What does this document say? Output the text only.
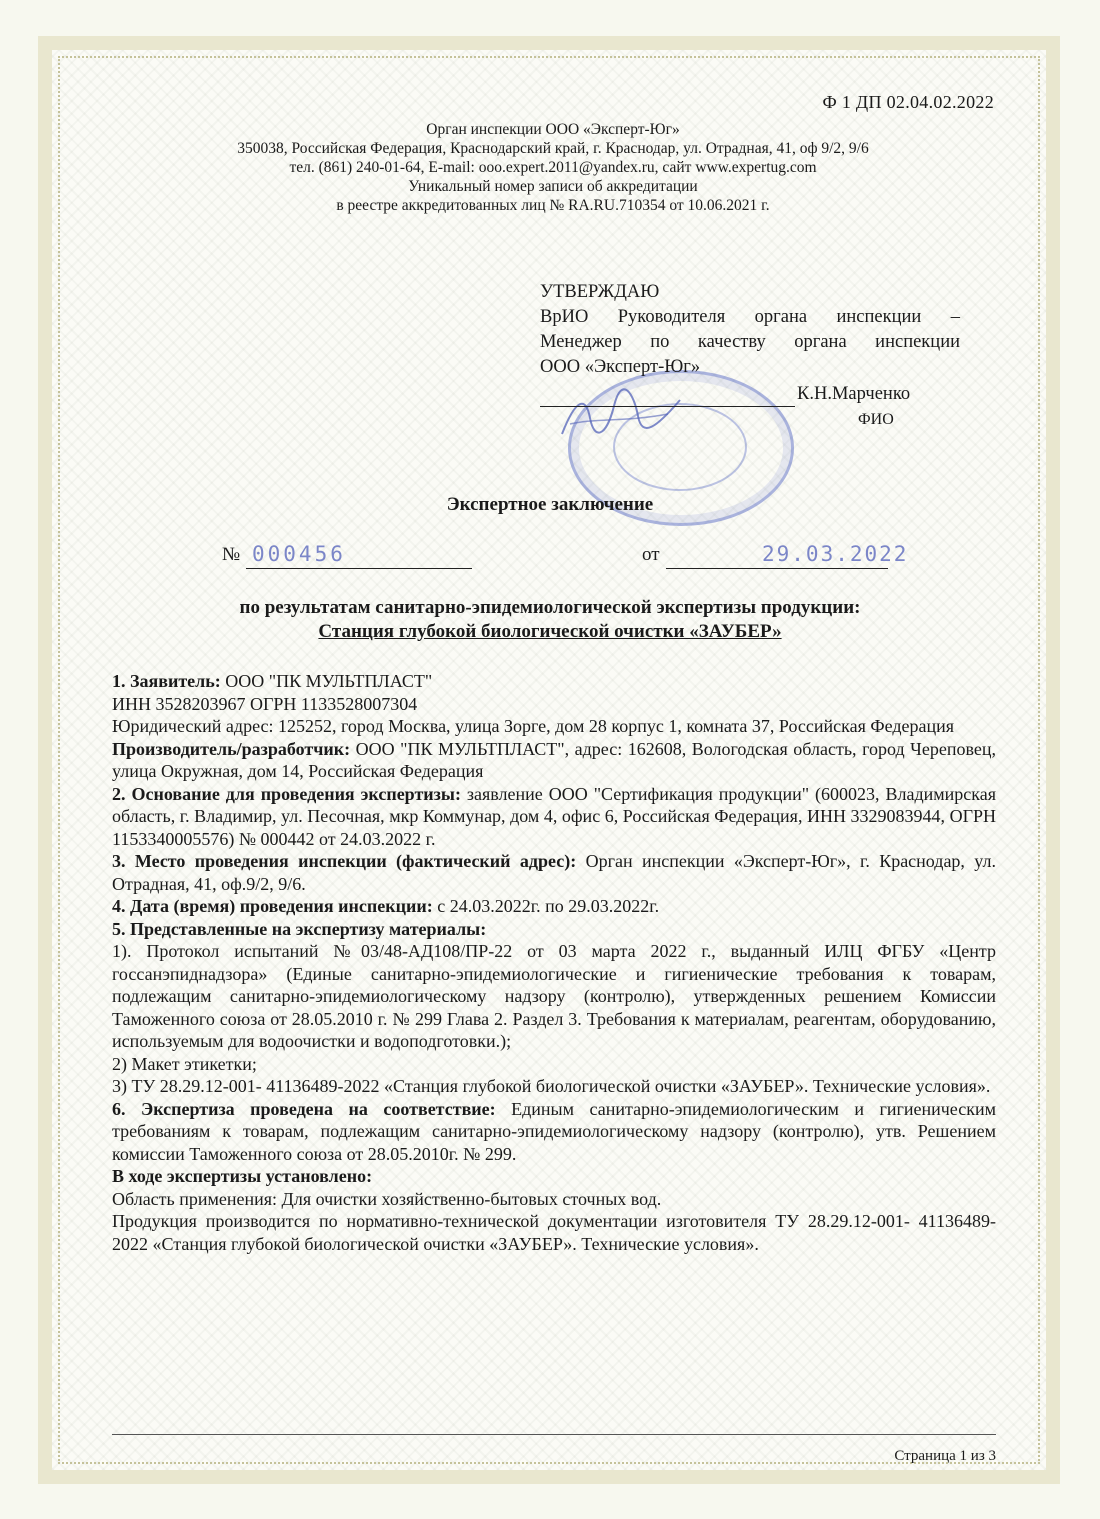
Ф 1 ДП 02.04.02.2022
Орган инспекции ООО «Эксперт-Юг»
350038, Российская Федерация, Краснодарский край, г. Краснодар, ул. Отрадная, 41, оф 9/2, 9/6
тел. (861) 240-01-64, E-mail: ooo.expert.2011@yandex.ru, сайт www.expertug.com
Уникальный номер записи об аккредитации
в реестре аккредитованных лиц № RA.RU.710354 от 10.06.2021 г.
УТВЕРЖДАЮ
ВрИО Руководителя органа инспекции –
Менеджер по качеству органа инспекции
ООО «Эксперт-Юг»
К.Н.Марченко
ФИО
Экспертное заключение
№ 000456	от	29.03.2022
по результатам санитарно-эпидемиологической экспертизы продукции:
Станция глубокой биологической очистки «ЗАУБЕР»

1. Заявитель: ООО "ПК МУЛЬТПЛАСТ"

ИНН 3528203967 ОГРН 1133528007304

Юридический адрес: 125252, город Москва, улица Зорге, дом 28 корпус 1, комната 37, Российская Федерация

Производитель/разработчик: ООО "ПК МУЛЬТПЛАСТ", адрес: 162608, Вологодская область, город Череповец, улица Окружная, дом 14, Российская Федерация

2. Основание для проведения экспертизы: заявление ООО "Сертификация продукции" (600023, Владимирская область, г. Владимир, ул. Песочная, мкр Коммунар, дом 4, офис 6, Российская Федерация, ИНН 3329083944, ОГРН 1153340005576) № 000442 от 24.03.2022 г.

3. Место проведения инспекции (фактический адрес): Орган инспекции «Эксперт-Юг», г. Краснодар, ул. Отрадная, 41, оф.9/2, 9/6.

4. Дата (время) проведения инспекции: с 24.03.2022г. по 29.03.2022г.

5. Представленные на экспертизу материалы:

1). Протокол испытаний №03/48-АД108/ПР-22 от 03 марта 2022 г., выданный ИЛЦ ФГБУ «Центр госсанэпиднадзора» (Единые санитарно-эпидемиологические и гигиенические требования к товарам, подлежащим санитарно-эпидемиологическому надзору (контролю), утвержденных решением Комиссии Таможенного союза от 28.05.2010 г. № 299 Глава 2. Раздел 3. Требования к материалам, реагентам, оборудованию, используемым для водоочистки и водоподготовки.);

2) Макет этикетки;

3) ТУ 28.29.12-001- 41136489-2022 «Станция глубокой биологической очистки «ЗАУБЕР». Технические условия».

6. Экспертиза проведена на соответствие: Единым санитарно-эпидемиологическим и гигиеническим требованиям к товарам, подлежащим санитарно-эпидемиологическому надзору (контролю), утв. Решением комиссии Таможенного союза от 28.05.2010г. № 299.

В ходе экспертизы установлено:

Область применения: Для очистки хозяйственно-бытовых сточных вод.

Продукция производится по нормативно-технической документации изготовителя ТУ 28.29.12-001- 41136489-2022 «Станция глубокой биологической очистки «ЗАУБЕР». Технические условия».

Страница 1 из 3
